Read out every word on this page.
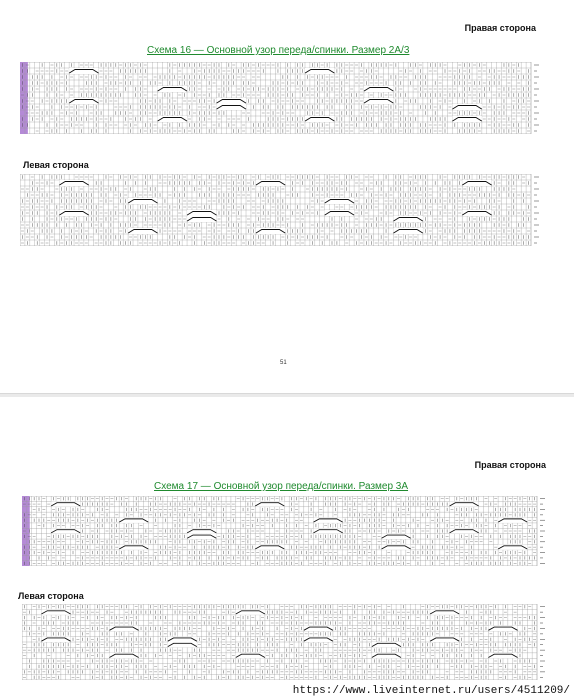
Правая сторона
Схема 16 — Основной узор переда/спинки. Размер 2А/3
Левая сторона
51
Правая сторона
Схема 17 — Основной узор переда/спинки. Размер 3А
Левая сторона
https://www.liveinternet.ru/users/4511209/
